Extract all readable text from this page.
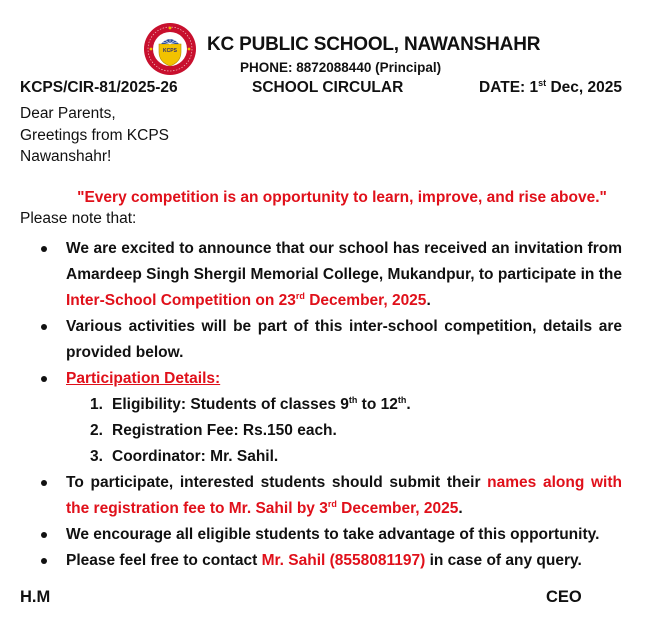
KCPS KC PUBLIC SCHOOL, NAWANSHAHR
PHONE: 8872088440 (Principal)
KCPS/CIR-81/2025-26	SCHOOL CIRCULAR	DATE: 1st Dec, 2025
Dear Parents,
Greetings from KCPS
Nawanshahr!
"Every competition is an opportunity to learn, improve, and rise above."
Please note that:
We are excited to announce that our school has received an invitation from Amardeep Singh Shergil Memorial College, Mukandpur, to participate in the Inter-School Competition on 23rd December, 2025.
Various activities will be part of this inter-school competition, details are provided below.
Participation Details:
1. Eligibility: Students of classes 9th to 12th.
2. Registration Fee: Rs.150 each.
3. Coordinator: Mr. Sahil.
To participate, interested students should submit their names along with the registration fee to Mr. Sahil by 3rd December, 2025.
We encourage all eligible students to take advantage of this opportunity.
Please feel free to contact Mr. Sahil (8558081197) in case of any query.
H.M	CEO
